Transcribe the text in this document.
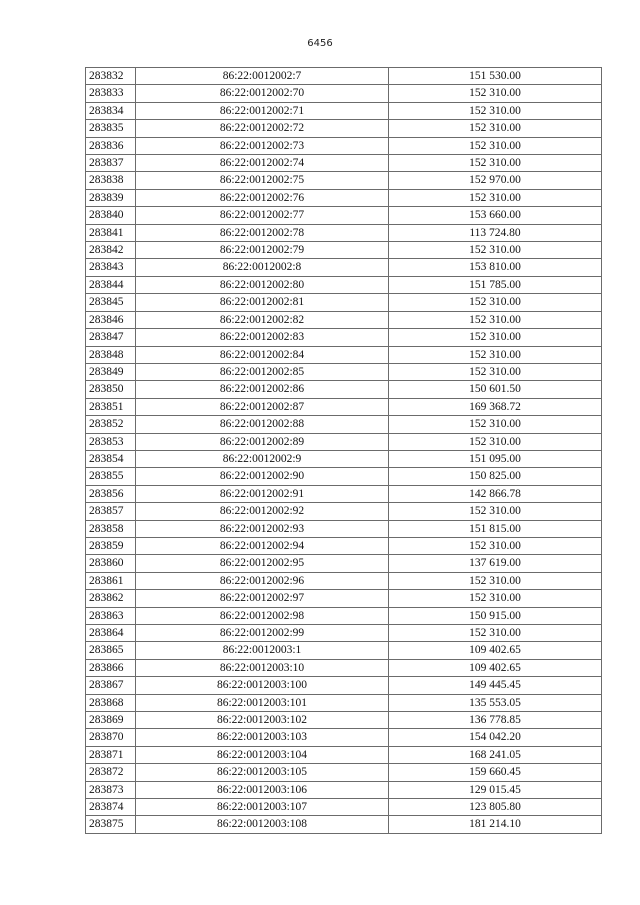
6456
283832	86:22:0012002:7	151 530.00
283833	86:22:0012002:70	152 310.00
283834	86:22:0012002:71	152 310.00
283835	86:22:0012002:72	152 310.00
283836	86:22:0012002:73	152 310.00
283837	86:22:0012002:74	152 310.00
283838	86:22:0012002:75	152 970.00
283839	86:22:0012002:76	152 310.00
283840	86:22:0012002:77	153 660.00
283841	86:22:0012002:78	113 724.80
283842	86:22:0012002:79	152 310.00
283843	86:22:0012002:8	153 810.00
283844	86:22:0012002:80	151 785.00
283845	86:22:0012002:81	152 310.00
283846	86:22:0012002:82	152 310.00
283847	86:22:0012002:83	152 310.00
283848	86:22:0012002:84	152 310.00
283849	86:22:0012002:85	152 310.00
283850	86:22:0012002:86	150 601.50
283851	86:22:0012002:87	169 368.72
283852	86:22:0012002:88	152 310.00
283853	86:22:0012002:89	152 310.00
283854	86:22:0012002:9	151 095.00
283855	86:22:0012002:90	150 825.00
283856	86:22:0012002:91	142 866.78
283857	86:22:0012002:92	152 310.00
283858	86:22:0012002:93	151 815.00
283859	86:22:0012002:94	152 310.00
283860	86:22:0012002:95	137 619.00
283861	86:22:0012002:96	152 310.00
283862	86:22:0012002:97	152 310.00
283863	86:22:0012002:98	150 915.00
283864	86:22:0012002:99	152 310.00
283865	86:22:0012003:1	109 402.65
283866	86:22:0012003:10	109 402.65
283867	86:22:0012003:100	149 445.45
283868	86:22:0012003:101	135 553.05
283869	86:22:0012003:102	136 778.85
283870	86:22:0012003:103	154 042.20
283871	86:22:0012003:104	168 241.05
283872	86:22:0012003:105	159 660.45
283873	86:22:0012003:106	129 015.45
283874	86:22:0012003:107	123 805.80
283875	86:22:0012003:108	181 214.10
